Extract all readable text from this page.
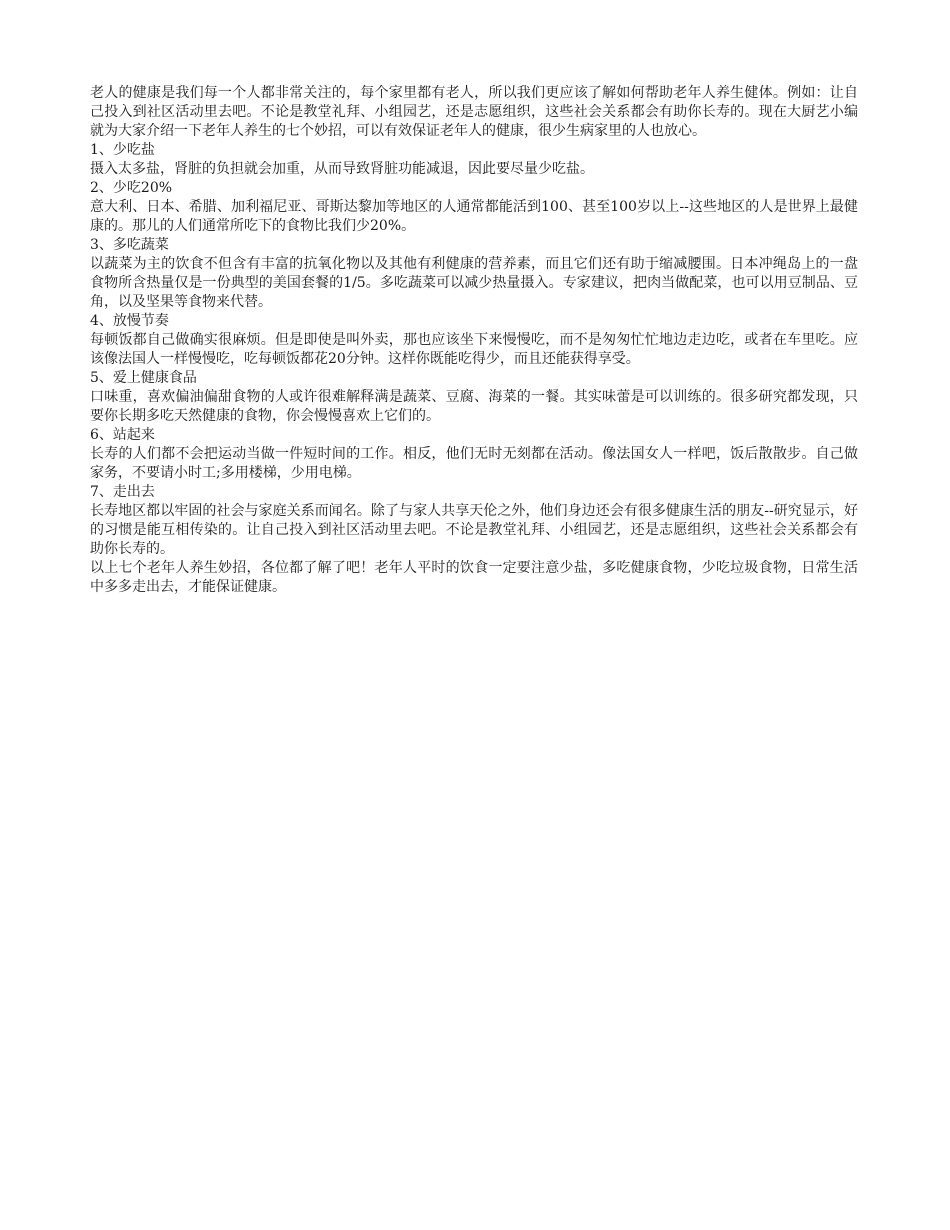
老人的健康是我们每一个人都非常关注的，每个家里都有老人，所以我们更应该了解如何帮助老年人养生健体。例如：让自己投入到社区活动里去吧。不论是教堂礼拜、小组园艺，还是志愿组织，这些社会关系都会有助你长寿的。现在大厨艺小编就为大家介绍一下老年人养生的七个妙招，可以有效保证老年人的健康，很少生病家里的人也放心。

1、少吃盐

摄入太多盐，肾脏的负担就会加重，从而导致肾脏功能减退，因此要尽量少吃盐。

2、少吃20%

意大利、日本、希腊、加利福尼亚、哥斯达黎加等地区的人通常都能活到100、甚至100岁以上--这些地区的人是世界上最健康的。那儿的人们通常所吃下的食物比我们少20%。

3、多吃蔬菜

以蔬菜为主的饮食不但含有丰富的抗氧化物以及其他有利健康的营养素，而且它们还有助于缩减腰围。日本冲绳岛上的一盘食物所含热量仅是一份典型的美国套餐的1/5。多吃蔬菜可以减少热量摄入。专家建议，把肉当做配菜，也可以用豆制品、豆角，以及坚果等食物来代替。

4、放慢节奏

每顿饭都自己做确实很麻烦。但是即使是叫外卖，那也应该坐下来慢慢吃，而不是匆匆忙忙地边走边吃，或者在车里吃。应该像法国人一样慢慢吃，吃每顿饭都花20分钟。这样你既能吃得少，而且还能获得享受。

5、爱上健康食品

口味重，喜欢偏油偏甜食物的人或许很难解释满是蔬菜、豆腐、海菜的一餐。其实味蕾是可以训练的。很多研究都发现，只要你长期多吃天然健康的食物，你会慢慢喜欢上它们的。

6、站起来

长寿的人们都不会把运动当做一件短时间的工作。相反，他们无时无刻都在活动。像法国女人一样吧，饭后散散步。自己做家务，不要请小时工;多用楼梯，少用电梯。

7、走出去

长寿地区都以牢固的社会与家庭关系而闻名。除了与家人共享天伦之外，他们身边还会有很多健康生活的朋友--研究显示，好的习惯是能互相传染的。让自己投入到社区活动里去吧。不论是教堂礼拜、小组园艺，还是志愿组织，这些社会关系都会有助你长寿的。

以上七个老年人养生妙招，各位都了解了吧！老年人平时的饮食一定要注意少盐，多吃健康食物，少吃垃圾食物，日常生活中多多走出去，才能保证健康。
